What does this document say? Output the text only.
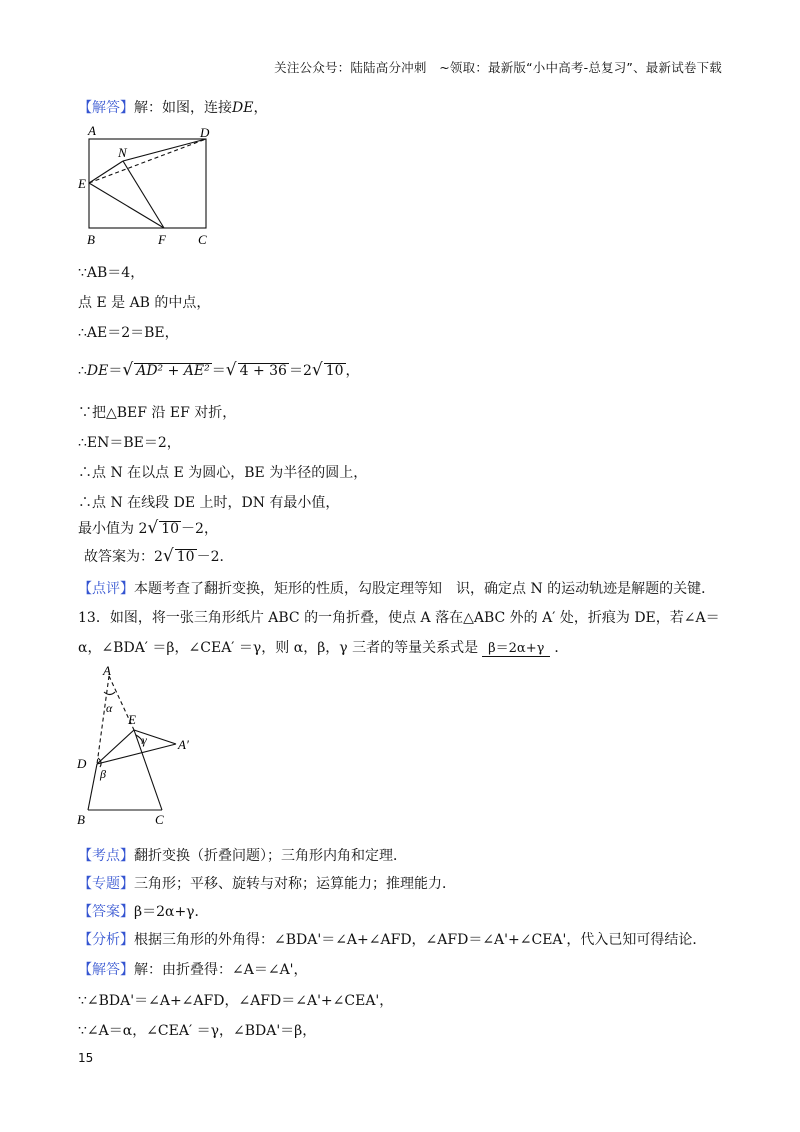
关注公众号：陆陆高分冲刺　~领取：最新版“小中高考-总复习”、最新试卷下载
【解答】解：如图，连接DE，
A	D
N
E
B	F C
∵AB＝4，
点 E 是 AB 的中点，
∴AE＝2＝BE，
∴DE＝√ AD² + AE² ＝√ 4 + 36 ＝2√ 10 ，
∵把△BEF 沿 EF 对折，
∴EN＝BE＝2，
∴点 N 在以点 E 为圆心，BE 为半径的圆上，
∴点 N 在线段 DE 上时，DN 有最小值，
最小值为 2√ 10 －2，
故答案为：2√ 10 －2．
【点评】本题考查了翻折变换，矩形的性质，勾股定理等知　识，确定点 N 的运动轨迹是解题的关键．
13．如图，将一张三角形纸片 ABC 的一角折叠，使点 A 落在△ABC 外的 A′ 处，折痕为 DE，若∠A＝
α，∠BDA′ ＝β，∠CEA′ ＝γ，则 α，β，γ 三者的等量关系式是 β＝2α+γ ．
A
α
E
γ A′
D
β
B	C
【考点】翻折变换（折叠问题）；三角形内角和定理．
【专题】三角形；平移、旋转与对称；运算能力；推理能力．
【答案】β＝2α+γ．
【分析】根据三角形的外角得：∠BDA'＝∠A+∠AFD，∠AFD＝∠A'+∠CEA'，代入已知可得结论．
【解答】解：由折叠得：∠A＝∠A'，
∵∠BDA'＝∠A+∠AFD，∠AFD＝∠A'+∠CEA'，
∵∠A＝α，∠CEA′ ＝γ，∠BDA'＝β，
15
